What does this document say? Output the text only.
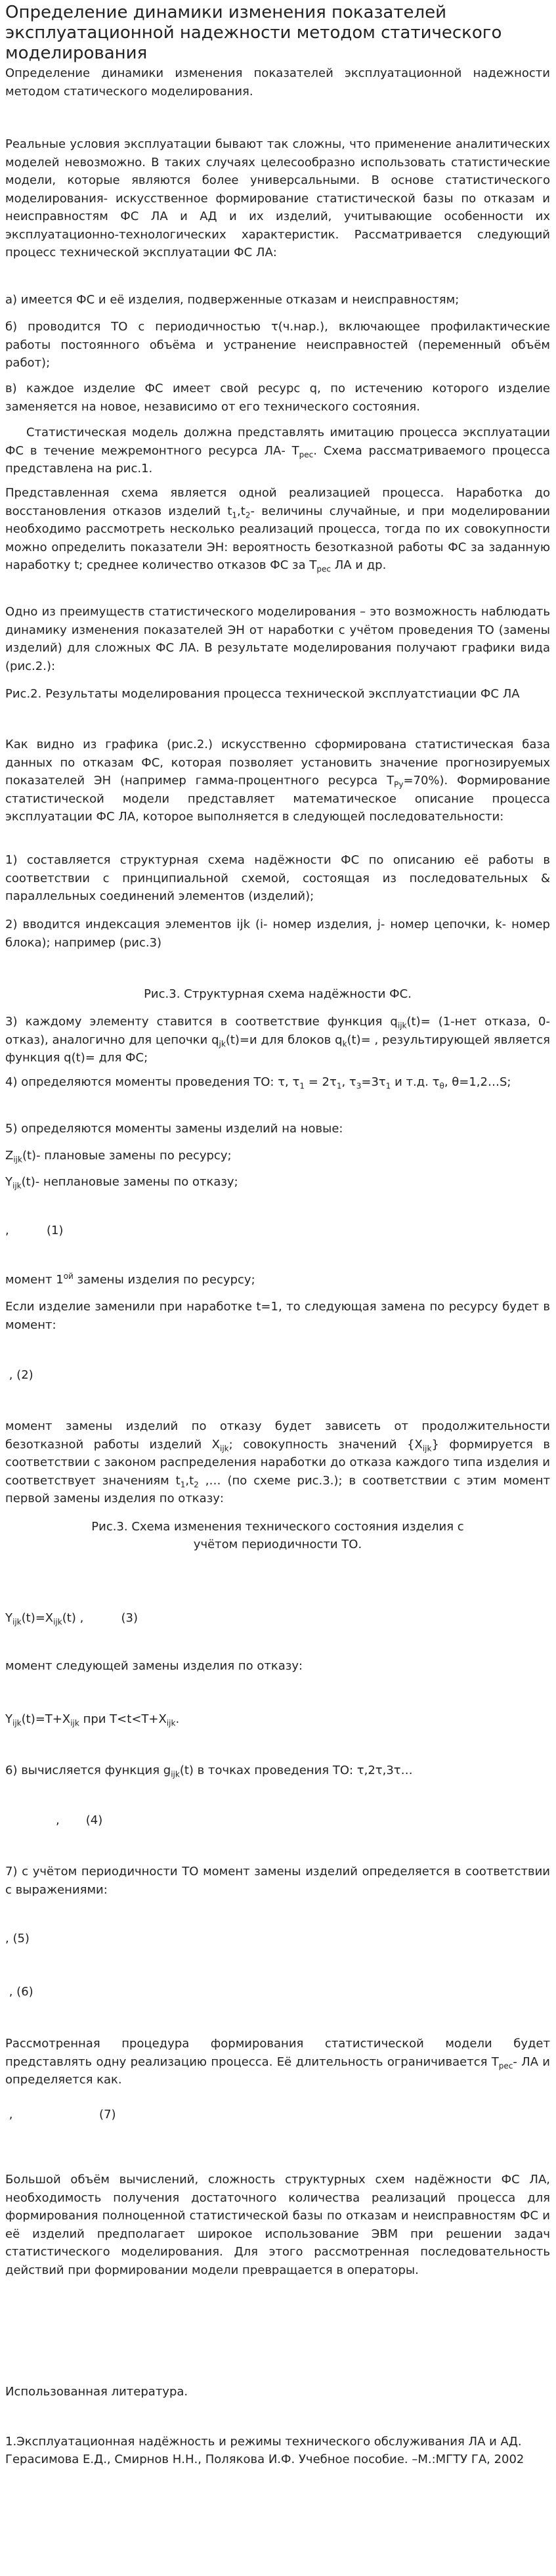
Определение динамики изменения показателей эксплуатационной надежности методом статического моделирования

Определение динамики изменения показателей эксплуатационной надежности методом статического моделирования.

Реальные условия эксплуатации бывают так сложны, что применение аналитических моделей невозможно. В таких случаях целесообразно использовать статистические модели, которые являются более универсальными. В основе статистического моделирования- искусственное формирование статистической базы по отказам и неисправностям ФС ЛА и АД и их изделий, учитывающие особенности их эксплуатационно-технологических характеристик. Рассматривается следующий процесс технической эксплуатации ФС ЛА:

а) имеется ФС и её изделия, подверженные отказам и неисправностям;

б) проводится ТО с периодичностью τ(ч.нар.), включающее профилактические работы постоянного объёма и устранение неисправностей (переменный объём работ);

в) каждое изделие ФС имеет свой ресурс q, по истечению которого изделие заменяется на новое, независимо от его технического состояния.

Статистическая модель должна представлять имитацию процесса эксплуатации ФС в течение межремонтного ресурса ЛА- $Т_{рес}$. Схема рассматриваемого процесса представлена на рис.1.

Представленная схема является одной реализацией процесса. Наработка до восстановления отказов изделий $t_1,t_2-$ величины случайные, и при моделировании необходимо рассмотреть несколько реализаций процесса, тогда по их совокупности можно определить показатели ЭН: вероятность безотказной работы ФС за заданную наработку t; среднее количество отказов ФС за $Т_{рес}$ ЛА и др.

Одно из преимуществ статистического моделирования – это возможность наблюдать динамику изменения показателей ЭН от наработки с учётом проведения ТО (замены изделий) для сложных ФС ЛА. В результате моделирования получают графики вида (рис.2.):

Рис.2. Результаты моделирования процесса технической эксплуатстиации ФС ЛА

Как видно из графика (рис.2.) искусственно сформирована статистическая база данных по отказам ФС, которая позволяет установить значение прогнозируемых показателей ЭН (например гамма-процентного ресурса $Т_{Ру}=70\%$). Формирование статистической модели представляет математическое описание процесса эксплуатации ФС ЛА, которое выполняется в следующей последовательности:

1) составляется структурная схема надёжности ФС по описанию её работы в соответствии с принципиальной схемой, состоящая из последовательных & параллельных соединений элементов (изделий);

2) вводится индексация элементов ijk (i- номер изделия, j- номер цепочки, k- номер блока); например (рис.3)

Рис.3. Структурная схема надёжности ФС.

3) каждому элементу ставится в соответствие функция $q_{ijk}(t)= (1-нет$ отказа, 0-отказ), аналогично для цепочки $q_{jk}(t)=и$ для блоков $q_k(t)=$ , результирующей является функция q(t)= для ФС;

4) определяются моменты проведения ТО: τ, $\tau_1 = 2\tau_1$, $\tau_3=3\tau_1$ и т.д. $\tau_\theta$, θ=1,2…S;

5) определяются моменты замены изделий на новые:

$Z_{ijk}(t)-$ плановые замены по ресурсу;

$Y_{ijk}(t)-$ неплановые замены по отказу;

,          (1)

момент $1^{ой}$ замены изделия по ресурсу;

Если изделие заменили при наработке t=1, то следующая замена по ресурсу будет в момент:

, (2)

момент замены изделий по отказу будет зависеть от продолжительности безотказной работы изделий $X_{ijk}$; совокупность значений $\{X_{ijk}\}$ формируется в соответствии с законом распределения наработки до отказа каждого типа изделия и соответствует значениям $t_1,t_2$ ,… (по схеме рис.3.); в соответствии с этим момент первой замены изделия по отказу:

Рис.3. Схема изменения технического состояния изделия с учётом периодичности ТО.

$Y_{ijk}(t)=X_{ijk}(t)$ ,          (3)

момент следующей замены изделия по отказу:

$Y_{ijk}(t)=T+X_{ijk}$ при $T<t<T+X_{ijk}$.

6) вычисляется функция $g_{ijk}(t)$ в точках проведения ТО: τ,2τ,3τ…

,       (4)

7) с учётом периодичности ТО момент замены изделий определяется в соответствии с выражениями:

, (5)

, (6)

Рассмотренная процедура формирования статистической модели будет представлять одну реализацию процесса. Её длительность ограничивается $Т_{рес}-$ ЛА и определяется как.

,                       (7)

Большой объём вычислений, сложность структурных схем надёжности ФС ЛА, необходимость получения достаточного количества реализаций процесса для формирования полноценной статистической базы по отказам и неисправностям ФС и её изделий предполагает широкое использование ЭВМ при решении задач статистического моделирования. Для этого рассмотренная последовательность действий при формировании модели превращается в операторы.

Использованная литература.

1.Эксплуатационная надёжность и режимы технического обслуживания ЛА и АД. Герасимова Е.Д., Смирнов Н.Н., Полякова И.Ф. Учебное пособие. –М.:МГТУ ГА, 2002
